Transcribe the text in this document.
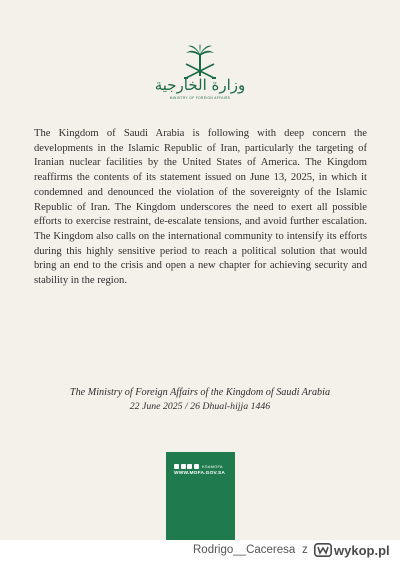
وزارة الخارجية
MINISTRY OF FOREIGN AFFAIRS

The Kingdom of Saudi Arabia is following with deep concern the developments in the Islamic Republic of Iran, particularly the targeting of Iranian nuclear facilities by the United States of America. The Kingdom reaffirms the contents of its statement issued on June 13, 2025, in which it condemned and denounced the violation of the sovereignty of the Islamic Republic of Iran. The Kingdom underscores the need to exert all possible efforts to exercise restraint, de-escalate tensions, and avoid further escalation. The Kingdom also calls on the international community to intensify its efforts during this highly sensitive period to reach a political solution that would bring an end to the crisis and open a new chapter for achieving security and stability in the region.

The Ministry of Foreign Affairs of the Kingdom of Saudi Arabia
22 June 2025 / 26 Dhual-hijja 1446
KSAMOFA
WWW.MOFA.GOV.SA
Rodrigo__Caceresa z wykop.pl
